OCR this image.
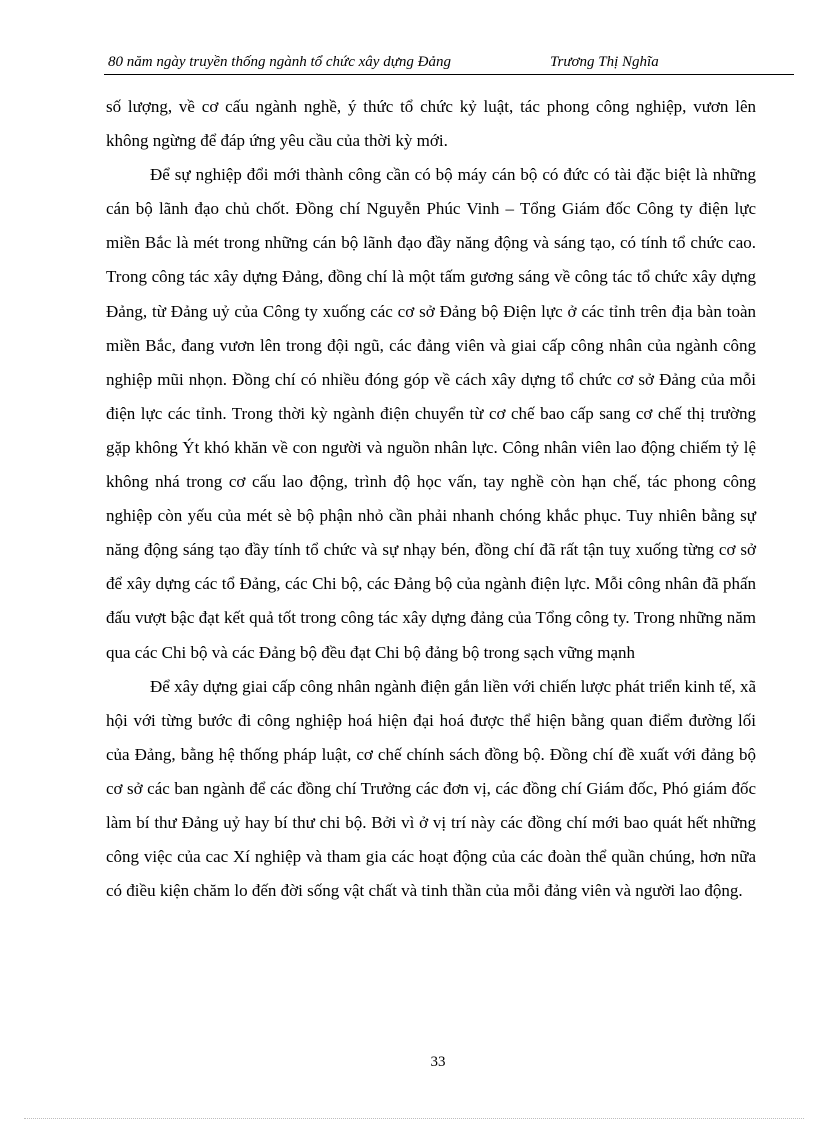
80 năm ngày truyền thống ngành tổ chức xây dựng Đảng	Trương Thị Nghĩa

số lượng, về cơ cấu ngành nghề, ý thức tổ chức kỷ luật, tác phong công nghiệp, vươn lên không ngừng để đáp ứng yêu cầu của thời kỳ mới.

Để sự nghiệp đổi mới thành công cần có bộ máy cán bộ có đức có tài đặc biệt là những cán bộ lãnh đạo chủ chốt. Đồng chí Nguyễn Phúc Vinh – Tổng Giám đốc Công ty điện lực miền Bắc là mét trong những cán bộ lãnh đạo đầy năng động và sáng tạo, có tính tổ chức cao. Trong công tác xây dựng Đảng, đồng chí là một tấm gương sáng về công tác tổ chức xây dựng Đảng, từ Đảng uỷ của Công ty xuống các cơ sở Đảng bộ Điện lực ở các tỉnh trên địa bàn toàn miền Bắc, đang vươn lên trong đội ngũ, các đảng viên và giai cấp công nhân của ngành công nghiệp mũi nhọn. Đồng chí có nhiều đóng góp về cách xây dựng tổ chức cơ sở Đảng của mỗi điện lực các tỉnh. Trong thời kỳ ngành điện chuyển từ cơ chế bao cấp sang cơ chế thị trường gặp không Ýt khó khăn về con người và nguồn nhân lực. Công nhân viên lao động chiếm tỷ lệ không nhá trong cơ cấu lao động, trình độ học vấn, tay nghề còn hạn chế, tác phong công nghiệp còn yếu của mét sè bộ phận nhỏ cần phải nhanh chóng khắc phục. Tuy nhiên bằng sự năng động sáng tạo đầy tính tổ chức và sự nhạy bén, đồng chí đã rất tận tuỵ xuống từng cơ sở để xây dựng các tổ Đảng, các Chi bộ, các Đảng bộ của ngành điện lực. Mỗi công nhân đã phấn đấu vượt bậc đạt kết quả tốt trong công tác xây dựng đảng của Tổng công ty. Trong những năm qua các Chi bộ và các Đảng bộ đều đạt Chi bộ đảng bộ trong sạch vững mạnh

Để xây dựng giai cấp công nhân ngành điện gắn liền với chiến lược phát triển kinh tế, xã hội với từng bước đi công nghiệp hoá hiện đại hoá được thể hiện bằng quan điểm đường lối của Đảng, bằng hệ thống pháp luật, cơ chế chính sách đồng bộ. Đồng chí đề xuất với đảng bộ cơ sở các ban ngành để các đồng chí Trưởng các đơn vị, các đồng chí Giám đốc, Phó giám đốc làm bí thư Đảng uỷ hay bí thư chi bộ. Bởi vì ở vị trí này các đồng chí mới bao quát hết những công việc của cac Xí nghiệp và tham gia các hoạt động của các đoàn thể quần chúng, hơn nữa có điều kiện chăm lo đến đời sống vật chất và tinh thần của mỗi đảng viên và người lao động.

33
